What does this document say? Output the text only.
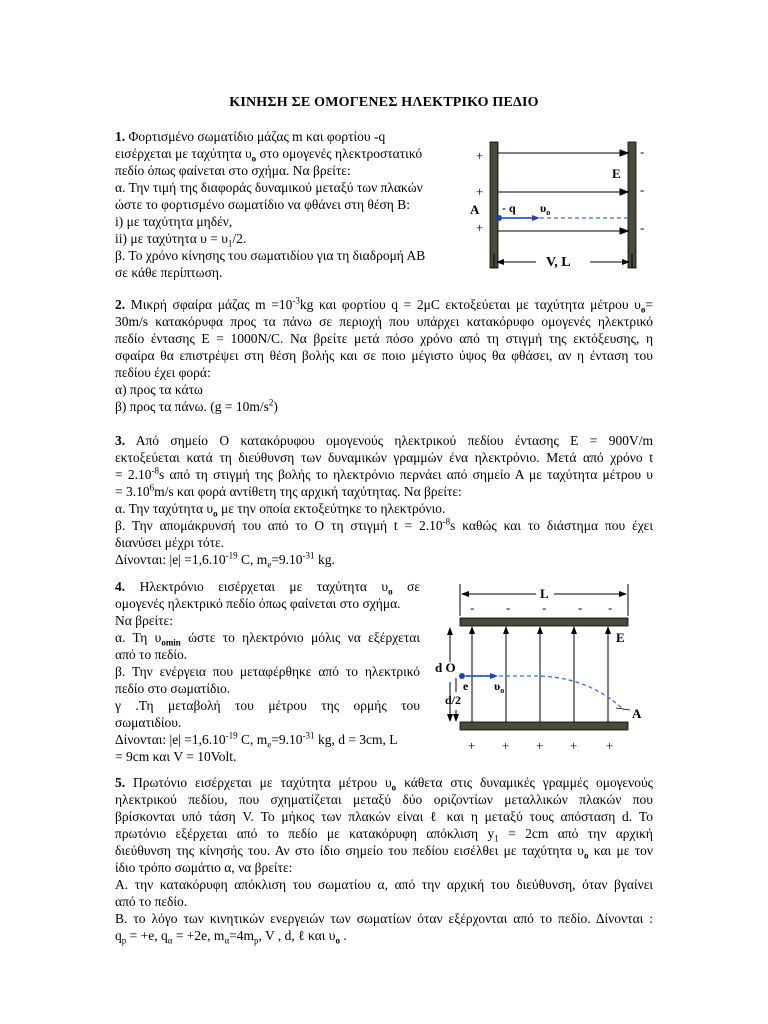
ΚΙΝΗΣΗ ΣΕ ΟΜΟΓΕΝΕΣ ΗΛΕΚΤΡΙΚΟ ΠΕΔΙΟ
1. Φορτισμένο σωματίδιο μάζας m και φορτίου -q
εισέρχεται με ταχύτητα $\upsilon_o$ στο ομογενές ηλεκτροστατικό
πεδίο όπως φαίνεται στο σχήμα. Να βρείτε:
α. Την τιμή της διαφοράς δυναμικού μεταξύ των πλακών
ώστε το φορτισμένο σωματίδιο να φθάνει στη θέση B:
i) με ταχύτητα μηδέν,
ii) με ταχύτητα $\upsilon = \upsilon_1/2$.
β. Το χρόνο κίνησης του σωματιδίου για τη διαδρομή ΑΒ
σε κάθε περίπτωση.
+
+
+
-
-
-
E
A - q $\upsilon_o$
V, L
2. Μικρή σφαίρα μάζας $m =10^{-3}kg$ και φορτίου q = 2μC εκτοξεύεται με ταχύτητα μέτρου $\upsilon_o=$
30m/s κατακόρυφα προς τα πάνω σε περιοχή που υπάρχει κατακόρυφο ομογενές ηλεκτρικό
πεδίο έντασης E = 1000N/C. Να βρείτε μετά πόσο χρόνο από τη στιγμή της εκτόξευσης, η
σφαίρα θα επιστρέψει στη θέση βολής και σε ποιο μέγιστο ύψος θα φθάσει, αν η ένταση του
πεδίου έχει φορά:
α) προς τα κάτω
β) προς τα πάνω. $(g = 10m/s^2)$
3. Από σημείο Ο κατακόρυφου ομογενούς ηλεκτρικού πεδίου έντασης E = 900V/m
εκτοξεύεται κατά τη διεύθυνση των δυναμικών γραμμών ένα ηλεκτρόνιο. Μετά από χρόνο t
= $2.10^{-8}s$ από τη στιγμή της βολής το ηλεκτρόνιο περνάει από σημείο Α με ταχύτητα μέτρου υ
= $3.10^6m/s$ και φορά αντίθετη της αρχική ταχύτητας. Να βρείτε:
α. Την ταχύτητα $\upsilon_o$ με την οποία εκτοξεύτηκε το ηλεκτρόνιο.
β. Την απομάκρυνσή του από το Ο τη στιγμή $t = 2.10^{-8}s$ καθώς και το διάστημα που έχει
διανύσει μέχρι τότε.
Δίνονται: $|e| =1,6.10^{-19}$ C, $m_e=9.10^{-31}$ kg.
4. Ηλεκτρόνιο εισέρχεται με ταχύτητα $\upsilon_o$ σε
ομογενές ηλεκτρικό πεδίο όπως φαίνεται στο σχήμα.
Να βρείτε:
α. Τη $\upsilon_{omin}$ ώστε το ηλεκτρόνιο μόλις να εξέρχεται
από το πεδίο.
β. Την ενέργεια που μεταφέρθηκε από το ηλεκτρικό
πεδίο στο σωματίδιο.
γ .Τη μεταβολή του μέτρου της ορμής του
σωματιδίου.
Δίνονται: $|e| =1,6.10^{-19}$ C, $m_e=9.10^{-31}$ kg, d = 3cm, L
= 9cm και V = 10Volt.
L
- - - - -
E
d O
d/2
e $\upsilon_o$
A
+ + + + +
5. Πρωτόνιο εισέρχεται με ταχύτητα μέτρου $\upsilon_o$ κάθετα στις δυναμικές γραμμές ομογενούς
ηλεκτρικού πεδίου, που σχηματίζεται μεταξύ δύο οριζοντίων μεταλλικών πλακών που
βρίσκονται υπό τάση V. Το μήκος των πλακών είναι ℓ και η μεταξύ τους απόσταση d. Το
πρωτόνιο εξέρχεται από το πεδίο με κατακόρυφη απόκλιση $y_1 = 2cm$ από την αρχική
διεύθυνση της κίνησής του. Αν στο ίδιο σημείο του πεδίου εισέλθει με ταχύτητα $\upsilon_o$ και με τον
ίδιο τρόπο σωμάτιο α, να βρείτε:
Α. την κατακόρυφη απόκλιση του σωματίου α, από την αρχική του διεύθυνση, όταν βγαίνει
από το πεδίο.
Β. το λόγο των κινητικών ενεργειών των σωματίων όταν εξέρχονται από το πεδίο. Δίνονται :
$q_p = +e$, $q_\alpha = +2e$, $m_\alpha=4m_p$, V , d, ℓ και $\upsilon_o$ .
